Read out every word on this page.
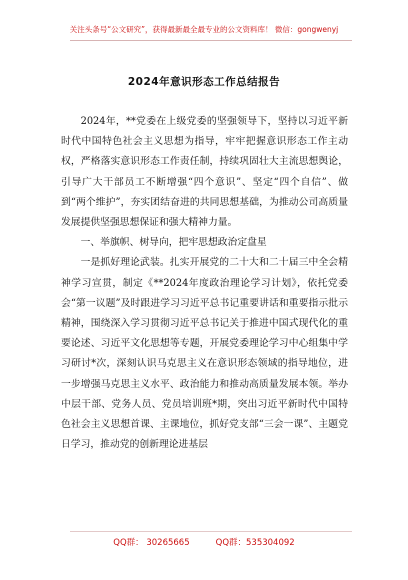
关注头条号“公文研究”，获得最新最全最专业的公文资料库！ 微信：gongwenyj
2024年意识形态工作总结报告

2024年，**党委在上级党委的坚强领导下，坚持以习近平新时代中国特色社会主义思想为指导，牢牢把握意识形态工作主动权，严格落实意识形态工作责任制，持续巩固壮大主流思想舆论，引导广大干部员工不断增强“四个意识”、坚定“四个自信”、做到“两个维护”，夯实团结奋进的共同思想基础，为推动公司高质量发展提供坚强思想保证和强大精神力量。

一、举旗帜、树导向，把牢思想政治定盘星

一是抓好理论武装。扎实开展党的二十大和二十届三中全会精神学习宣贯，制定《**2024年度政治理论学习计划》，依托党委会“第一议题”及时跟进学习习近平总书记重要讲话和重要指示批示精神，围绕深入学习贯彻习近平总书记关于推进中国式现代化的重要论述、习近平文化思想等专题，开展党委理论学习中心组集中学习研讨*次，深刻认识马克思主义在意识形态领域的指导地位，进一步增强马克思主义水平、政治能力和推动高质量发展本领。举办中层干部、党务人员、党员培训班*期，突出习近平新时代中国特色社会主义思想首课、主课地位，抓好党支部“三会一课”、主题党日学习，推动党的创新理论进基层

QQ群： 30265665	QQ群：535304092
